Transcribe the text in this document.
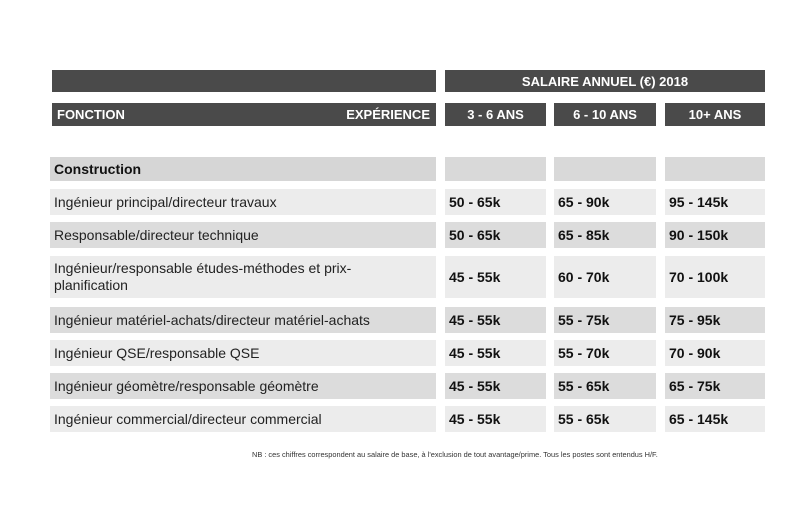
SALAIRE ANNUEL (€) 2018
FONCTION	EXPÉRIENCE	3 - 6 ANS	6 - 10 ANS	10+ ANS
Construction
Ingénieur principal/directeur travaux	50 - 65k	65 - 90k	95 - 145k
Responsable/directeur technique	50 - 65k	65 - 85k	90 - 150k
Ingénieur/responsable études-méthodes et prix-planification	45 - 55k	60 - 70k	70 - 100k
Ingénieur matériel-achats/directeur matériel-achats	45 - 55k	55 - 75k	75 - 95k
Ingénieur QSE/responsable QSE	45 - 55k	55 - 70k	70 - 90k
Ingénieur géomètre/responsable géomètre	45 - 55k	55 - 65k	65 - 75k
Ingénieur commercial/directeur commercial	45 - 55k	55 - 65k	65 - 145k
NB : ces chiffres correspondent au salaire de base, à l'exclusion de tout avantage/prime. Tous les postes sont entendus H/F.
